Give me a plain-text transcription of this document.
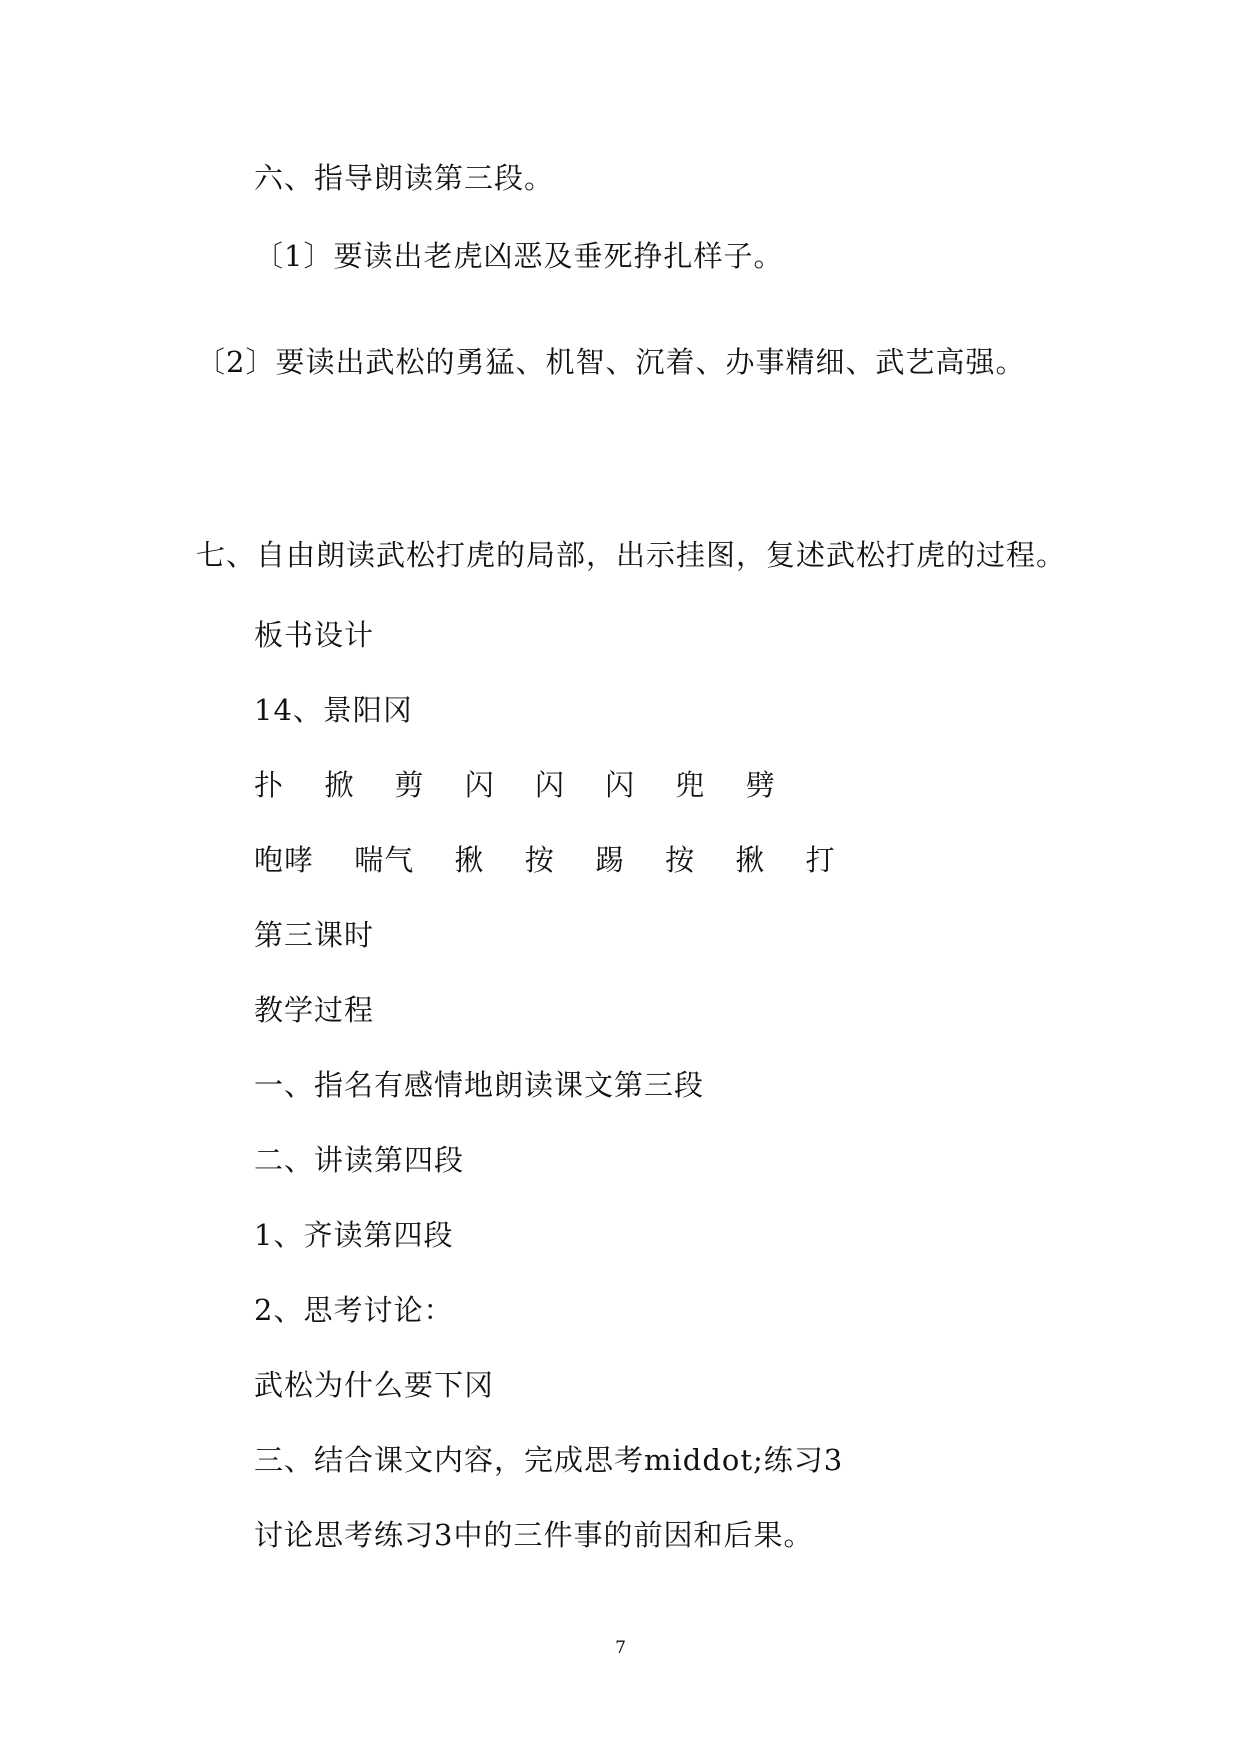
六、指导朗读第三段。
〔1〕要读出老虎凶恶及垂死挣扎样子。
〔2〕要读出武松的勇猛、机智、沉着、办事精细、武艺高强。
七、自由朗读武松打虎的局部，出示挂图，复述武松打虎的过程。
板书设计
14、景阳冈
扑 掀 剪 闪 闪 闪 兜 劈
咆哮 喘气 揪 按 踢 按 揪 打
第三课时
教学过程
一、指名有感情地朗读课文第三段
二、讲读第四段
1、齐读第四段
2、思考讨论：
武松为什么要下冈
三、结合课文内容，完成思考middot;练习3
讨论思考练习3中的三件事的前因和后果。
7
